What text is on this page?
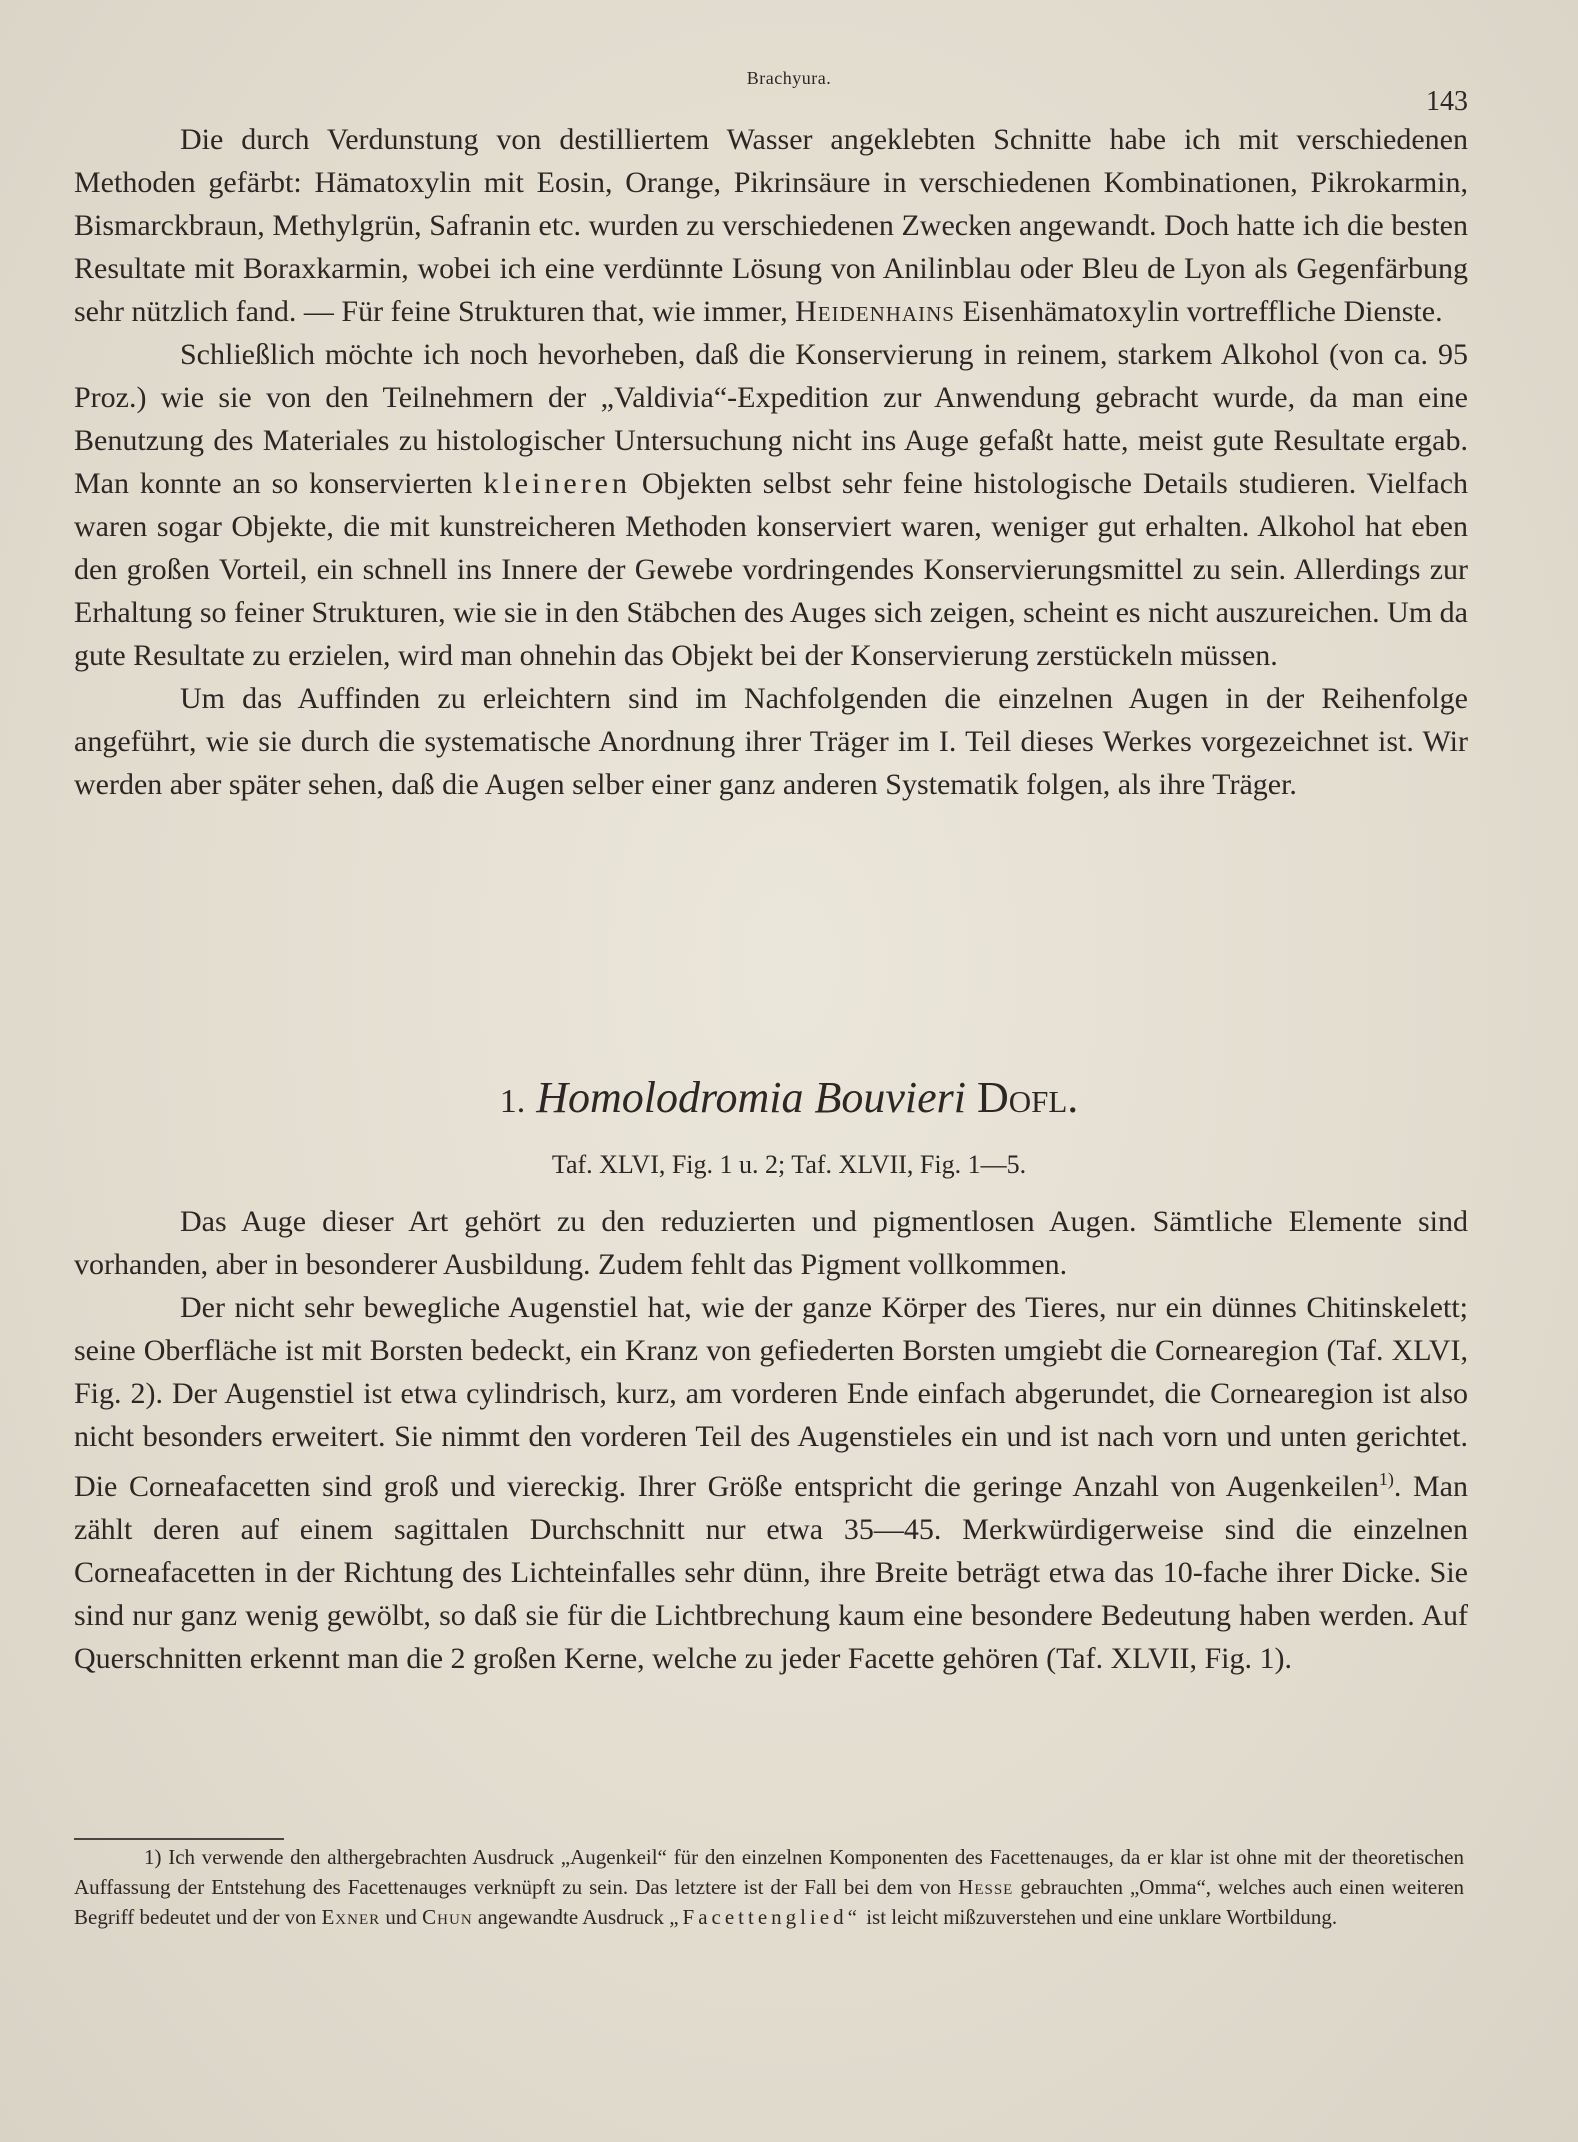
Brachyura.
143

Die durch Verdunstung von destilliertem Wasser angeklebten Schnitte habe ich mit verschiedenen Methoden gefärbt: Hämatoxylin mit Eosin, Orange, Pikrinsäure in verschiedenen Kombinationen, Pikrokarmin, Bismarckbraun, Methylgrün, Safranin etc. wurden zu verschiedenen Zwecken angewandt. Doch hatte ich die besten Resultate mit Boraxkarmin, wobei ich eine verdünnte Lösung von Anilinblau oder Bleu de Lyon als Gegenfärbung sehr nützlich fand. — Für feine Strukturen that, wie immer, Heidenhains Eisenhämatoxylin vortreffliche Dienste.

Schließlich möchte ich noch hevorheben, daß die Konservierung in reinem, starkem Alkohol (von ca. 95 Proz.) wie sie von den Teilnehmern der „Valdivia“-Expedition zur Anwendung gebracht wurde, da man eine Benutzung des Materiales zu histologischer Untersuchung nicht ins Auge gefaßt hatte, meist gute Resultate ergab. Man konnte an so konservierten kleineren Objekten selbst sehr feine histologische Details studieren. Vielfach waren sogar Objekte, die mit kunstreicheren Methoden konserviert waren, weniger gut erhalten. Alkohol hat eben den großen Vorteil, ein schnell ins Innere der Gewebe vordringendes Konservierungsmittel zu sein. Allerdings zur Erhaltung so feiner Strukturen, wie sie in den Stäbchen des Auges sich zeigen, scheint es nicht auszureichen. Um da gute Resultate zu erzielen, wird man ohnehin das Objekt bei der Konservierung zerstückeln müssen.

Um das Auffinden zu erleichtern sind im Nachfolgenden die einzelnen Augen in der Reihenfolge angeführt, wie sie durch die systematische Anordnung ihrer Träger im I. Teil dieses Werkes vorgezeichnet ist. Wir werden aber später sehen, daß die Augen selber einer ganz anderen Systematik folgen, als ihre Träger.

1. Homolodromia Bouvieri Dofl.
Taf. XLVI, Fig. 1 u. 2; Taf. XLVII, Fig. 1—5.

Das Auge dieser Art gehört zu den reduzierten und pigmentlosen Augen. Sämtliche Elemente sind vorhanden, aber in besonderer Ausbildung. Zudem fehlt das Pigment vollkommen.

Der nicht sehr bewegliche Augenstiel hat, wie der ganze Körper des Tieres, nur ein dünnes Chitinskelett; seine Oberfläche ist mit Borsten bedeckt, ein Kranz von gefiederten Borsten umgiebt die Cornearegion (Taf. XLVI, Fig. 2). Der Augenstiel ist etwa cylindrisch, kurz, am vorderen Ende einfach abgerundet, die Cornearegion ist also nicht besonders erweitert. Sie nimmt den vorderen Teil des Augenstieles ein und ist nach vorn und unten gerichtet. Die Corneafacetten sind groß und viereckig. Ihrer Größe entspricht die geringe Anzahl von Augenkeilen$^{1)}$. Man zählt deren auf einem sagittalen Durchschnitt nur etwa 35—45. Merkwürdigerweise sind die einzelnen Corneafacetten in der Richtung des Lichteinfalles sehr dünn, ihre Breite beträgt etwa das 10-fache ihrer Dicke. Sie sind nur ganz wenig gewölbt, so daß sie für die Lichtbrechung kaum eine besondere Bedeutung haben werden. Auf Querschnitten erkennt man die 2 großen Kerne, welche zu jeder Facette gehören (Taf. XLVII, Fig. 1).

1) Ich verwende den althergebrachten Ausdruck „Augenkeil“ für den einzelnen Komponenten des Facettenauges, da er klar ist ohne mit der theoretischen Auffassung der Entstehung des Facettenauges verknüpft zu sein. Das letztere ist der Fall bei dem von Hesse gebrauchten „Omma“, welches auch einen weiteren Begriff bedeutet und der von Exner und Chun angewandte Ausdruck „Facettenglied“ ist leicht mißzuverstehen und eine unklare Wortbildung.
